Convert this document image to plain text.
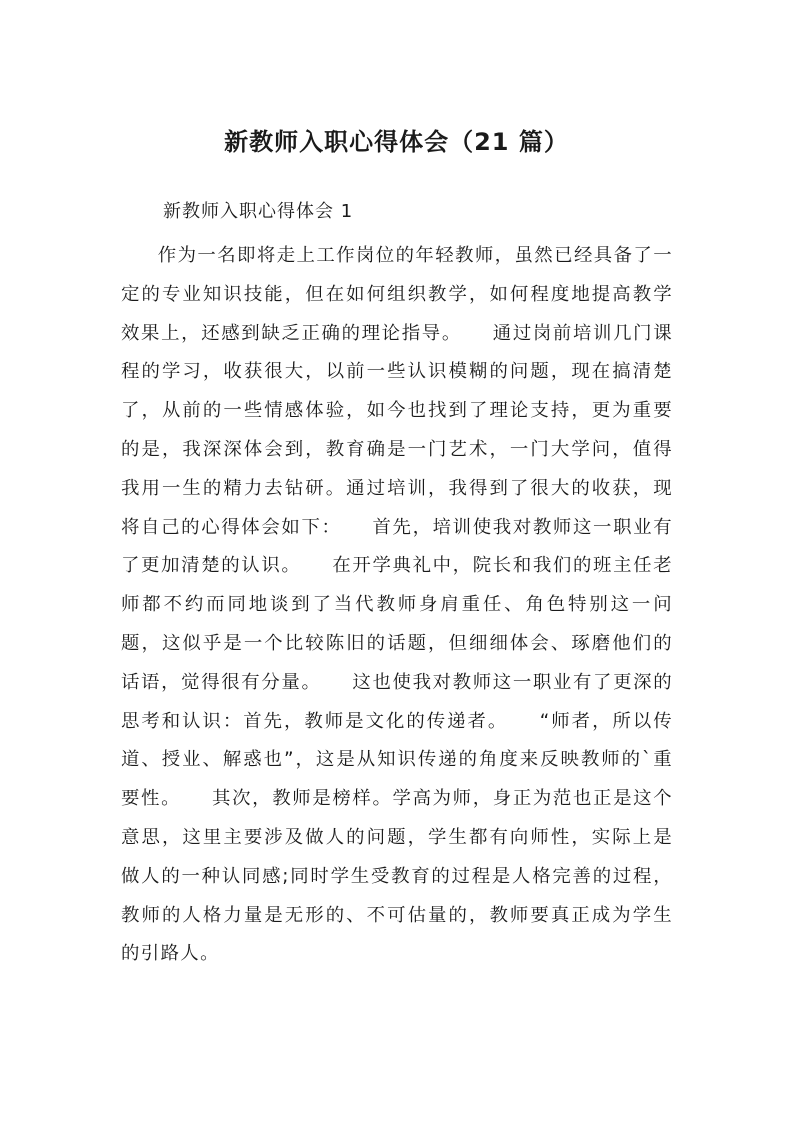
新教师入职心得体会（21 篇）

新教师入职心得体会 1

作为一名即将走上工作岗位的年轻教师，虽然已经具备了一定的专业知识技能，但在如何组织教学，如何程度地提高教学效果上，还感到缺乏正确的理论指导。　　通过岗前培训几门课程的学习，收获很大，以前一些认识模糊的问题，现在搞清楚了，从前的一些情感体验，如今也找到了理论支持，更为重要的是，我深深体会到，教育确是一门艺术，一门大学问，值得我用一生的精力去钻研。通过培训，我得到了很大的收获，现将自己的心得体会如下：　　首先，培训使我对教师这一职业有了更加清楚的认识。　　在开学典礼中，院长和我们的班主任老师都不约而同地谈到了当代教师身肩重任、角色特别这一问题，这似乎是一个比较陈旧的话题，但细细体会、琢磨他们的话语，觉得很有分量。　　这也使我对教师这一职业有了更深的思考和认识：首先，教师是文化的传递者。　　“师者，所以传道、授业、解惑也”，这是从知识传递的角度来反映教师的`重要性。　　其次，教师是榜样。学高为师，身正为范也正是这个意思，这里主要涉及做人的问题，学生都有向师性，实际上是做人的一种认同感;同时学生受教育的过程是人格完善的过程，教师的人格力量是无形的、不可估量的，教师要真正成为学生的引路人。
